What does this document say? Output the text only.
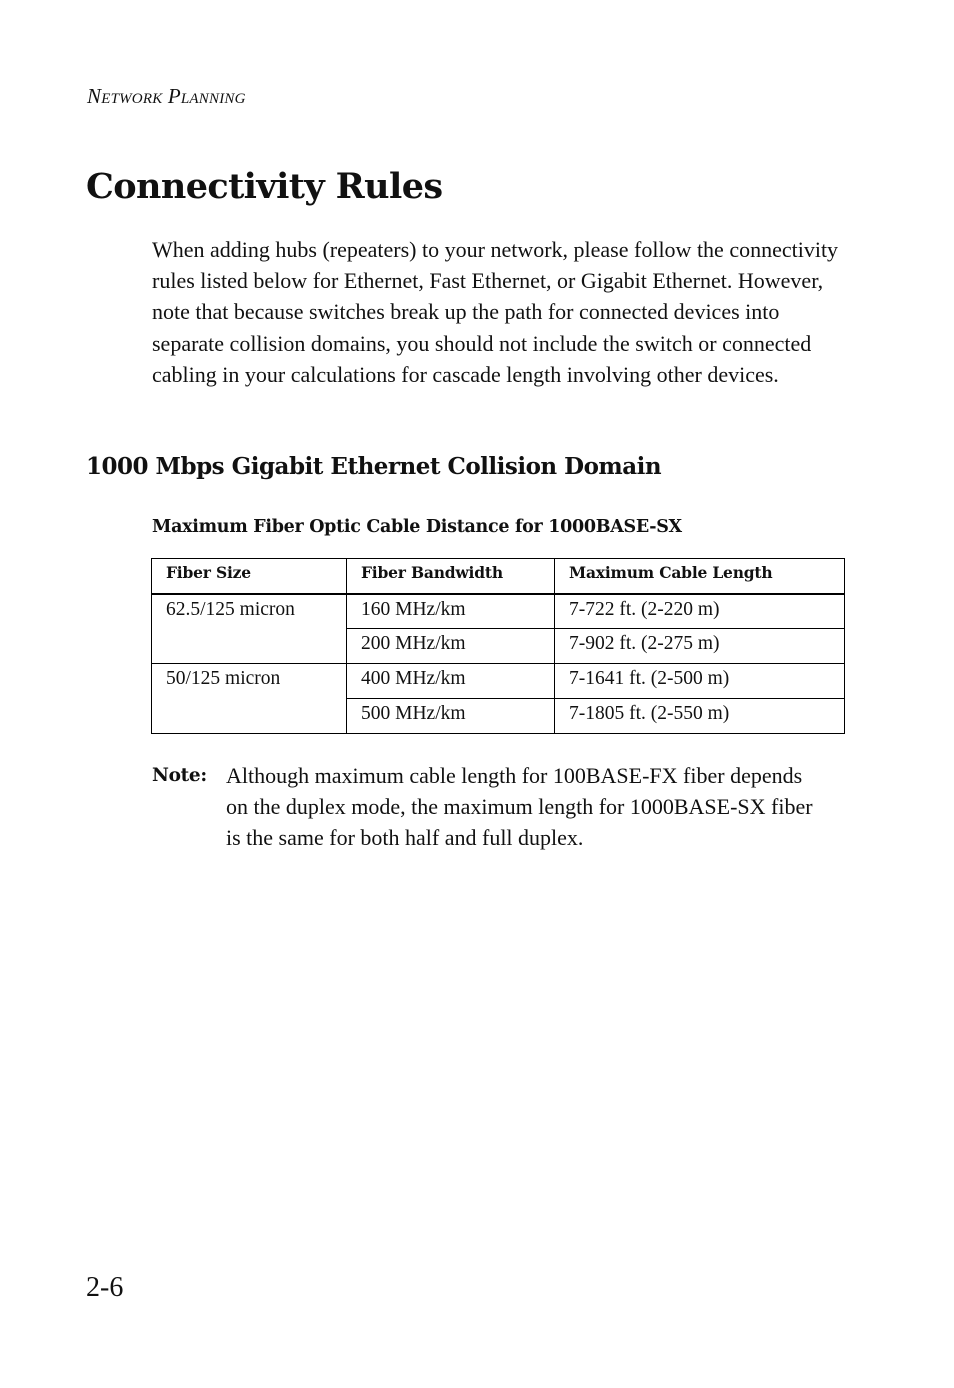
Network Planning
Connectivity Rules

When adding hubs (repeaters) to your network, please follow the connectivity rules listed below for Ethernet, Fast Ethernet, or Gigabit Ethernet. However, note that because switches break up the path for connected devices into separate collision domains, you should not include the switch or connected cabling in your calculations for cascade length involving other devices.

1000 Mbps Gigabit Ethernet Collision Domain
Maximum Fiber Optic Cable Distance for 1000BASE-SX
Fiber Size	Fiber Bandwidth	Maximum Cable Length
62.5/125 micron	160 MHz/km	7-722 ft. (2-220 m)
	200 MHz/km	7-902 ft. (2-275 m)
50/125 micron	400 MHz/km	7-1641 ft. (2-500 m)
	500 MHz/km	7-1805 ft. (2-550 m)
Note: Although maximum cable length for 100BASE-FX fiber depends on the duplex mode, the maximum length for 1000BASE-SX fiber is the same for both half and full duplex.

2-6
